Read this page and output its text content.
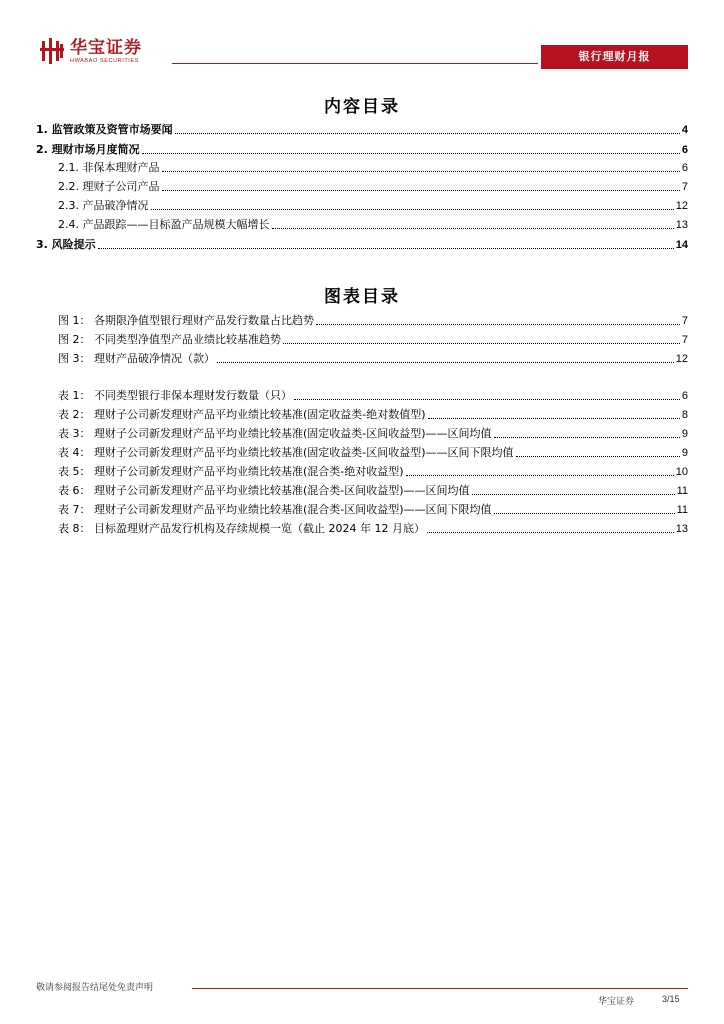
华宝证券
HWABAO SECURITIES	银行理财月报
内容目录
1. 监管政策及资管市场要闻	4
2. 理财市场月度简况	6
2.1. 非保本理财产品	6
2.2. 理财子公司产品	7
2.3. 产品破净情况	12
2.4. 产品跟踪——目标盈产品规模大幅增长	13
3. 风险提示	14
图表目录
图 1： 各期限净值型银行理财产品发行数量占比趋势	7
图 2： 不同类型净值型产品业绩比较基准趋势	7
图 3： 理财产品破净情况（款）	12
表 1： 不同类型银行非保本理财发行数量（只）	6
表 2： 理财子公司新发理财产品平均业绩比较基准(固定收益类-绝对数值型)	8
表 3： 理财子公司新发理财产品平均业绩比较基准(固定收益类-区间收益型)——区间均值	9
表 4： 理财子公司新发理财产品平均业绩比较基准(固定收益类-区间收益型)——区间下限均值	9
表 5： 理财子公司新发理财产品平均业绩比较基准(混合类-绝对收益型)	10
表 6： 理财子公司新发理财产品平均业绩比较基准(混合类-区间收益型)——区间均值	11
表 7： 理财子公司新发理财产品平均业绩比较基准(混合类-区间收益型)——区间下限均值	11
表 8： 目标盈理财产品发行机构及存续规模一览（截止 2024 年 12 月底）	13
敬请参阅报告结尾处免责声明
华宝证券	3/15
